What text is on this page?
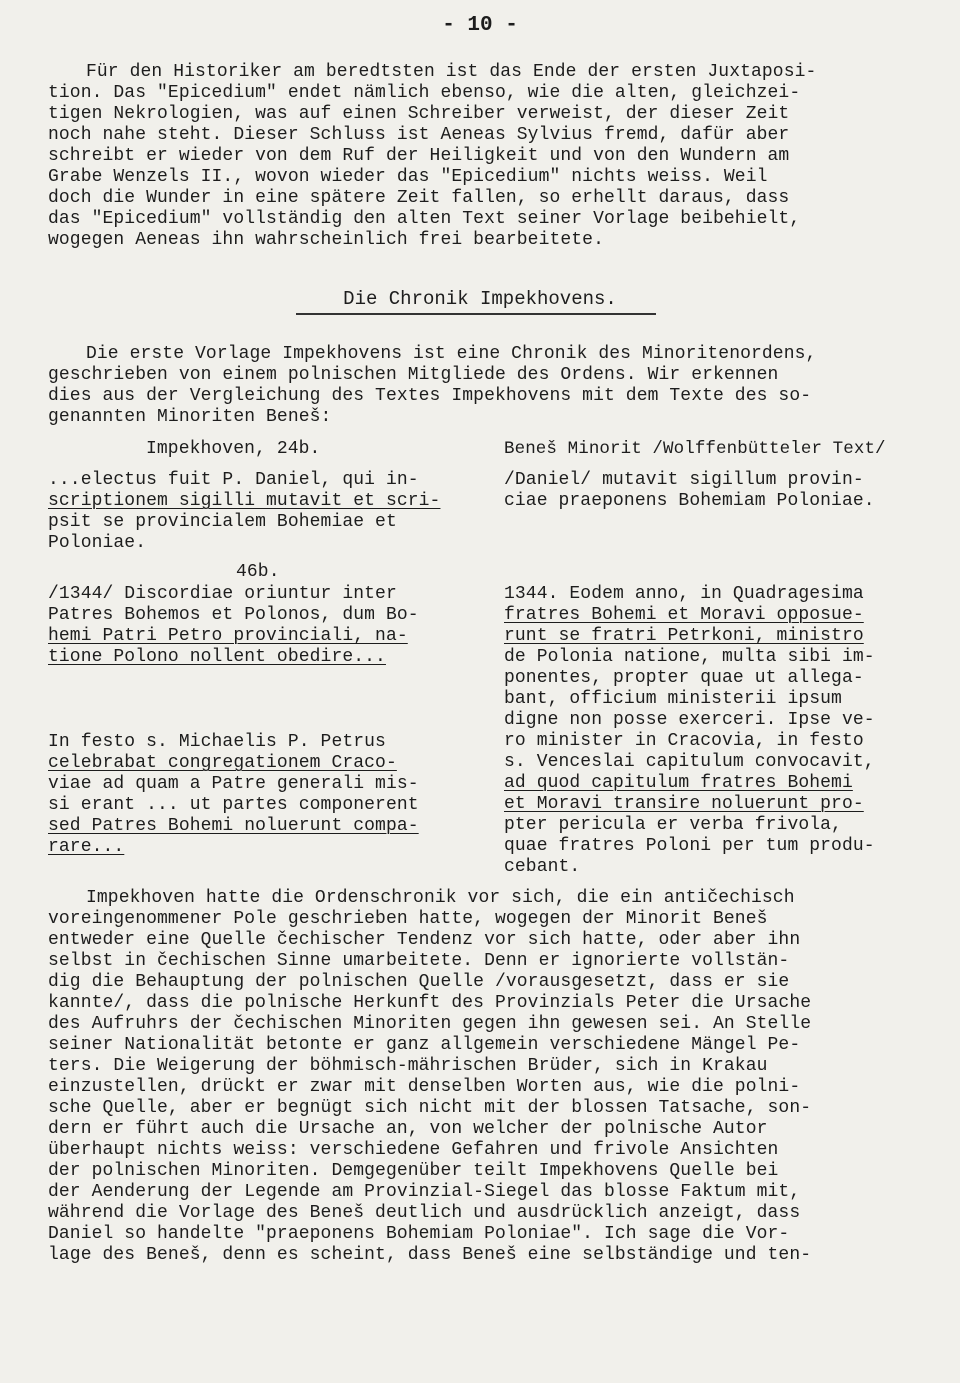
- 10 -
Für den Historiker am beredtsten ist das Ende der ersten Juxtaposi-
tion. Das "Epicedium" endet nämlich ebenso, wie die alten, gleichzei-
tigen Nekrologien, was auf einen Schreiber verweist, der dieser Zeit
noch nahe steht. Dieser Schluss ist Aeneas Sylvius fremd, dafür aber
schreibt er wieder von dem Ruf der Heiligkeit und von den Wundern am
Grabe Wenzels II., wovon wieder das "Epicedium" nichts weiss. Weil
doch die Wunder in eine spätere Zeit fallen, so erhellt daraus, dass
das "Epicedium" vollständig den alten Text seiner Vorlage beibehielt,
wogegen Aeneas ihn wahrscheinlich frei bearbeitete.
Die Chronik Impekhovens.
Die erste Vorlage Impekhovens ist eine Chronik des Minoritenordens,
geschrieben von einem polnischen Mitgliede des Ordens. Wir erkennen
dies aus der Vergleichung des Textes Impekhovens mit dem Texte des so-
genannten Minoriten Beneš:
Impekhoven, 24b.
...electus fuit P. Daniel, qui in-
scriptionem sigilli mutavit et scri-
psit se provincialem Bohemiae et
Poloniae.
46b.
/1344/ Discordiae oriuntur inter
Patres Bohemos et Polonos, dum Bo-
hemi Patri Petro provinciali, na-
tione Polono nollent obedire...
In festo s. Michaelis P. Petrus
celebrabat congregationem Craco-
viae ad quam a Patre generali mis-
si erant ... ut partes componerent
sed Patres Bohemi noluerunt compa-
rare...
Beneš Minorit /Wolffenbütteler Text/
/Daniel/ mutavit sigillum provin-
ciae praeponens Bohemiam Poloniae.
1344. Eodem anno, in Quadragesima
fratres Bohemi et Moravi opposue-
runt se fratri Petrkoni, ministro
de Polonia natione, multa sibi im-
ponentes, propter quae ut allega-
bant, officium ministerii ipsum
digne non posse exerceri. Ipse ve-
ro minister in Cracovia, in festo
s. Venceslai capitulum convocavit,
ad quod capitulum fratres Bohemi
et Moravi transire noluerunt pro-
pter pericula er verba frivola,
quae fratres Poloni per tum produ-
cebant.
Impekhoven hatte die Ordenschronik vor sich, die ein antičechisch
voreingenommener Pole geschrieben hatte, wogegen der Minorit Beneš
entweder eine Quelle čechischer Tendenz vor sich hatte, oder aber ihn
selbst in čechischen Sinne umarbeitete. Denn er ignorierte vollstän-
dig die Behauptung der polnischen Quelle /vorausgesetzt, dass er sie
kannte/, dass die polnische Herkunft des Provinzials Peter die Ursache
des Aufruhrs der čechischen Minoriten gegen ihn gewesen sei. An Stelle
seiner Nationalität betonte er ganz allgemein verschiedene Mängel Pe-
ters. Die Weigerung der böhmisch-mährischen Brüder, sich in Krakau
einzustellen, drückt er zwar mit denselben Worten aus, wie die polni-
sche Quelle, aber er begnügt sich nicht mit der blossen Tatsache, son-
dern er führt auch die Ursache an, von welcher der polnische Autor
überhaupt nichts weiss: verschiedene Gefahren und frivole Ansichten
der polnischen Minoriten. Demgegenüber teilt Impekhovens Quelle bei
der Aenderung der Legende am Provinzial-Siegel das blosse Faktum mit,
während die Vorlage des Beneš deutlich und ausdrücklich anzeigt, dass
Daniel so handelte "praeponens Bohemiam Poloniae". Ich sage die Vor-
lage des Beneš, denn es scheint, dass Beneš eine selbständige und ten-
